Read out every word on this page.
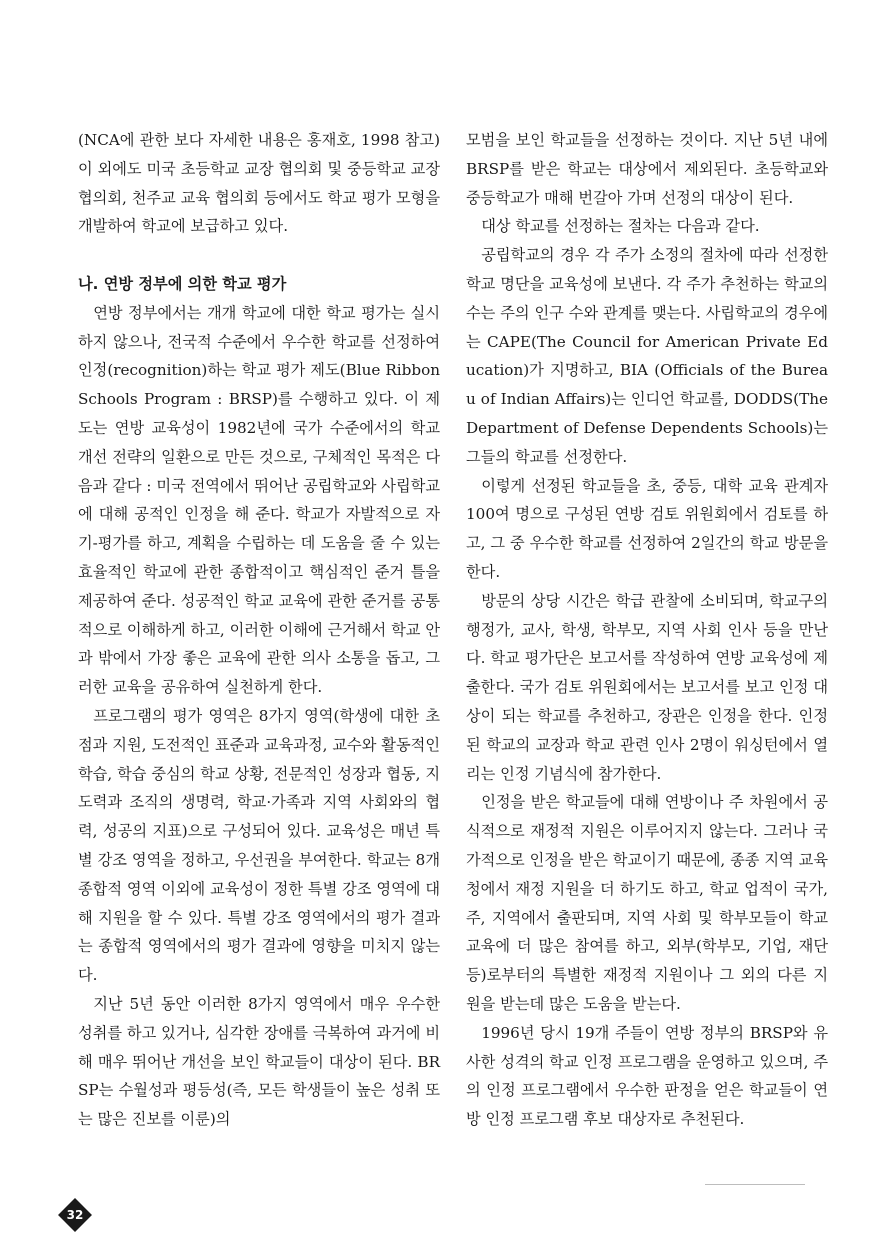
(NCA에 관한 보다 자세한 내용은 홍재호, 1998 참고) 이 외에도 미국 초등학교 교장 협의회 및 중등학교 교장 협의회, 천주교 교육 협의회 등에서도 학교 평가 모형을 개발하여 학교에 보급하고 있다.

나. 연방 정부에 의한 학교 평가

연방 정부에서는 개개 학교에 대한 학교 평가는 실시하지 않으나, 전국적 수준에서 우수한 학교를 선정하여 인정(recognition)하는 학교 평가 제도(Blue Ribbon Schools Program : BRSP)를 수행하고 있다. 이 제도는 연방 교육성이 1982년에 국가 수준에서의 학교 개선 전략의 일환으로 만든 것으로, 구체적인 목적은 다음과 같다 : 미국 전역에서 뛰어난 공립학교와 사립학교에 대해 공적인 인정을 해 준다. 학교가 자발적으로 자기-평가를 하고, 계획을 수립하는 데 도움을 줄 수 있는 효율적인 학교에 관한 종합적이고 핵심적인 준거 틀을 제공하여 준다. 성공적인 학교 교육에 관한 준거를 공통적으로 이해하게 하고, 이러한 이해에 근거해서 학교 안과 밖에서 가장 좋은 교육에 관한 의사 소통을 돕고, 그러한 교육을 공유하여 실천하게 한다.

프로그램의 평가 영역은 8가지 영역(학생에 대한 초점과 지원, 도전적인 표준과 교육과정, 교수와 활동적인 학습, 학습 중심의 학교 상황, 전문적인 성장과 협동, 지도력과 조직의 생명력, 학교·가족과 지역 사회와의 협력, 성공의 지표)으로 구성되어 있다. 교육성은 매년 특별 강조 영역을 정하고, 우선권을 부여한다. 학교는 8개 종합적 영역 이외에 교육성이 정한 특별 강조 영역에 대해 지원을 할 수 있다. 특별 강조 영역에서의 평가 결과는 종합적 영역에서의 평가 결과에 영향을 미치지 않는다.

지난 5년 동안 이러한 8가지 영역에서 매우 우수한 성취를 하고 있거나, 심각한 장애를 극복하여 과거에 비해 매우 뛰어난 개선을 보인 학교들이 대상이 된다. BRSP는 수월성과 평등성(즉, 모든 학생들이 높은 성취 또는 많은 진보를 이룬)의

모범을 보인 학교들을 선정하는 것이다. 지난 5년 내에 BRSP를 받은 학교는 대상에서 제외된다. 초등학교와 중등학교가 매해 번갈아 가며 선정의 대상이 된다.

대상 학교를 선정하는 절차는 다음과 같다.

공립학교의 경우 각 주가 소정의 절차에 따라 선정한 학교 명단을 교육성에 보낸다. 각 주가 추천하는 학교의 수는 주의 인구 수와 관계를 맺는다. 사립학교의 경우에는 CAPE(The Council for American Private Education)가 지명하고, BIA (Officials of the Bureau of Indian Affairs)는 인디언 학교를, DODDS(The Department of Defense Dependents Schools)는 그들의 학교를 선정한다.

이렇게 선정된 학교들을 초, 중등, 대학 교육 관계자 100여 명으로 구성된 연방 검토 위원회에서 검토를 하고, 그 중 우수한 학교를 선정하여 2일간의 학교 방문을 한다.

방문의 상당 시간은 학급 관찰에 소비되며, 학교구의 행정가, 교사, 학생, 학부모, 지역 사회 인사 등을 만난다. 학교 평가단은 보고서를 작성하여 연방 교육성에 제출한다. 국가 검토 위원회에서는 보고서를 보고 인정 대상이 되는 학교를 추천하고, 장관은 인정을 한다. 인정된 학교의 교장과 학교 관련 인사 2명이 워싱턴에서 열리는 인정 기념식에 참가한다.

인정을 받은 학교들에 대해 연방이나 주 차원에서 공식적으로 재정적 지원은 이루어지지 않는다. 그러나 국가적으로 인정을 받은 학교이기 때문에, 종종 지역 교육청에서 재정 지원을 더 하기도 하고, 학교 업적이 국가, 주, 지역에서 출판되며, 지역 사회 및 학부모들이 학교 교육에 더 많은 참여를 하고, 외부(학부모, 기업, 재단 등)로부터의 특별한 재정적 지원이나 그 외의 다른 지원을 받는데 많은 도움을 받는다.

1996년 당시 19개 주들이 연방 정부의 BRSP와 유사한 성격의 학교 인정 프로그램을 운영하고 있으며, 주의 인정 프로그램에서 우수한 판정을 얻은 학교들이 연방 인정 프로그램 후보 대상자로 추천된다.

32
